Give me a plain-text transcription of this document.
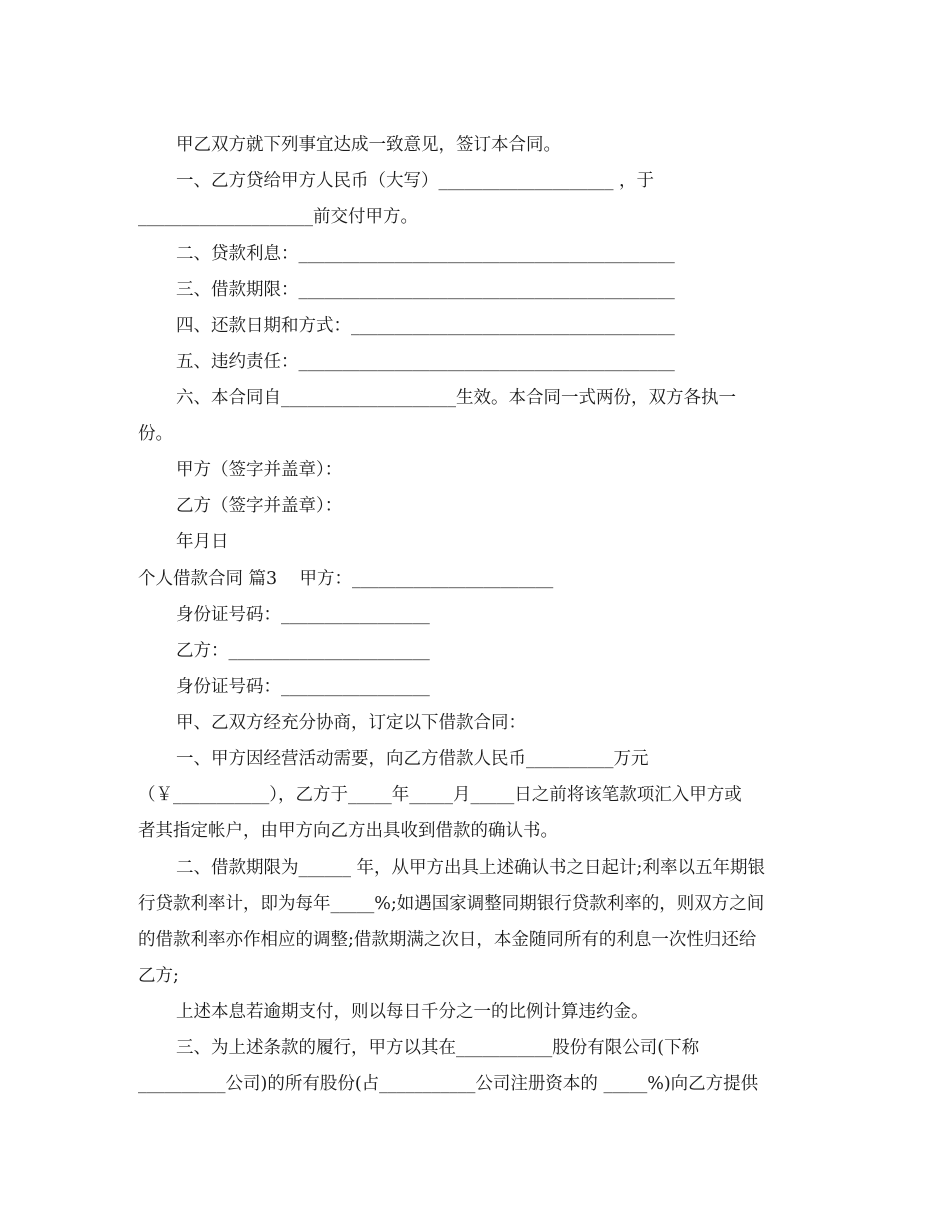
甲乙双方就下列事宜达成一致意见，签订本合同。
一、乙方贷给甲方人民币（大写）____________________ ，于
____________________前交付甲方。
二、贷款利息：___________________________________________
三、借款期限：___________________________________________
四、还款日期和方式：_____________________________________
五、违约责任：___________________________________________
六、本合同自____________________生效。本合同一式两份，双方各执一
份。
甲方（签字并盖章）：
乙方（签字并盖章）：
年月日
个人借款合同 篇3    甲方：_______________________
身份证号码：_________________
乙方：_______________________
身份证号码：_________________
甲、乙双方经充分协商，订定以下借款合同：
一、甲方因经营活动需要，向乙方借款人民币__________万元
（￥___________），乙方于_____年_____月_____日之前将该笔款项汇入甲方或
者其指定帐户，由甲方向乙方出具收到借款的确认书。
二、借款期限为______ 年，从甲方出具上述确认书之日起计;利率以五年期银
行贷款利率计，即为每年_____%;如遇国家调整同期银行贷款利率的，则双方之间
的借款利率亦作相应的调整;借款期满之次日，本金随同所有的利息一次性归还给
乙方;
上述本息若逾期支付，则以每日千分之一的比例计算违约金。
三、为上述条款的履行，甲方以其在___________股份有限公司(下称
__________公司)的所有股份(占___________公司注册资本的 _____%)向乙方提供
